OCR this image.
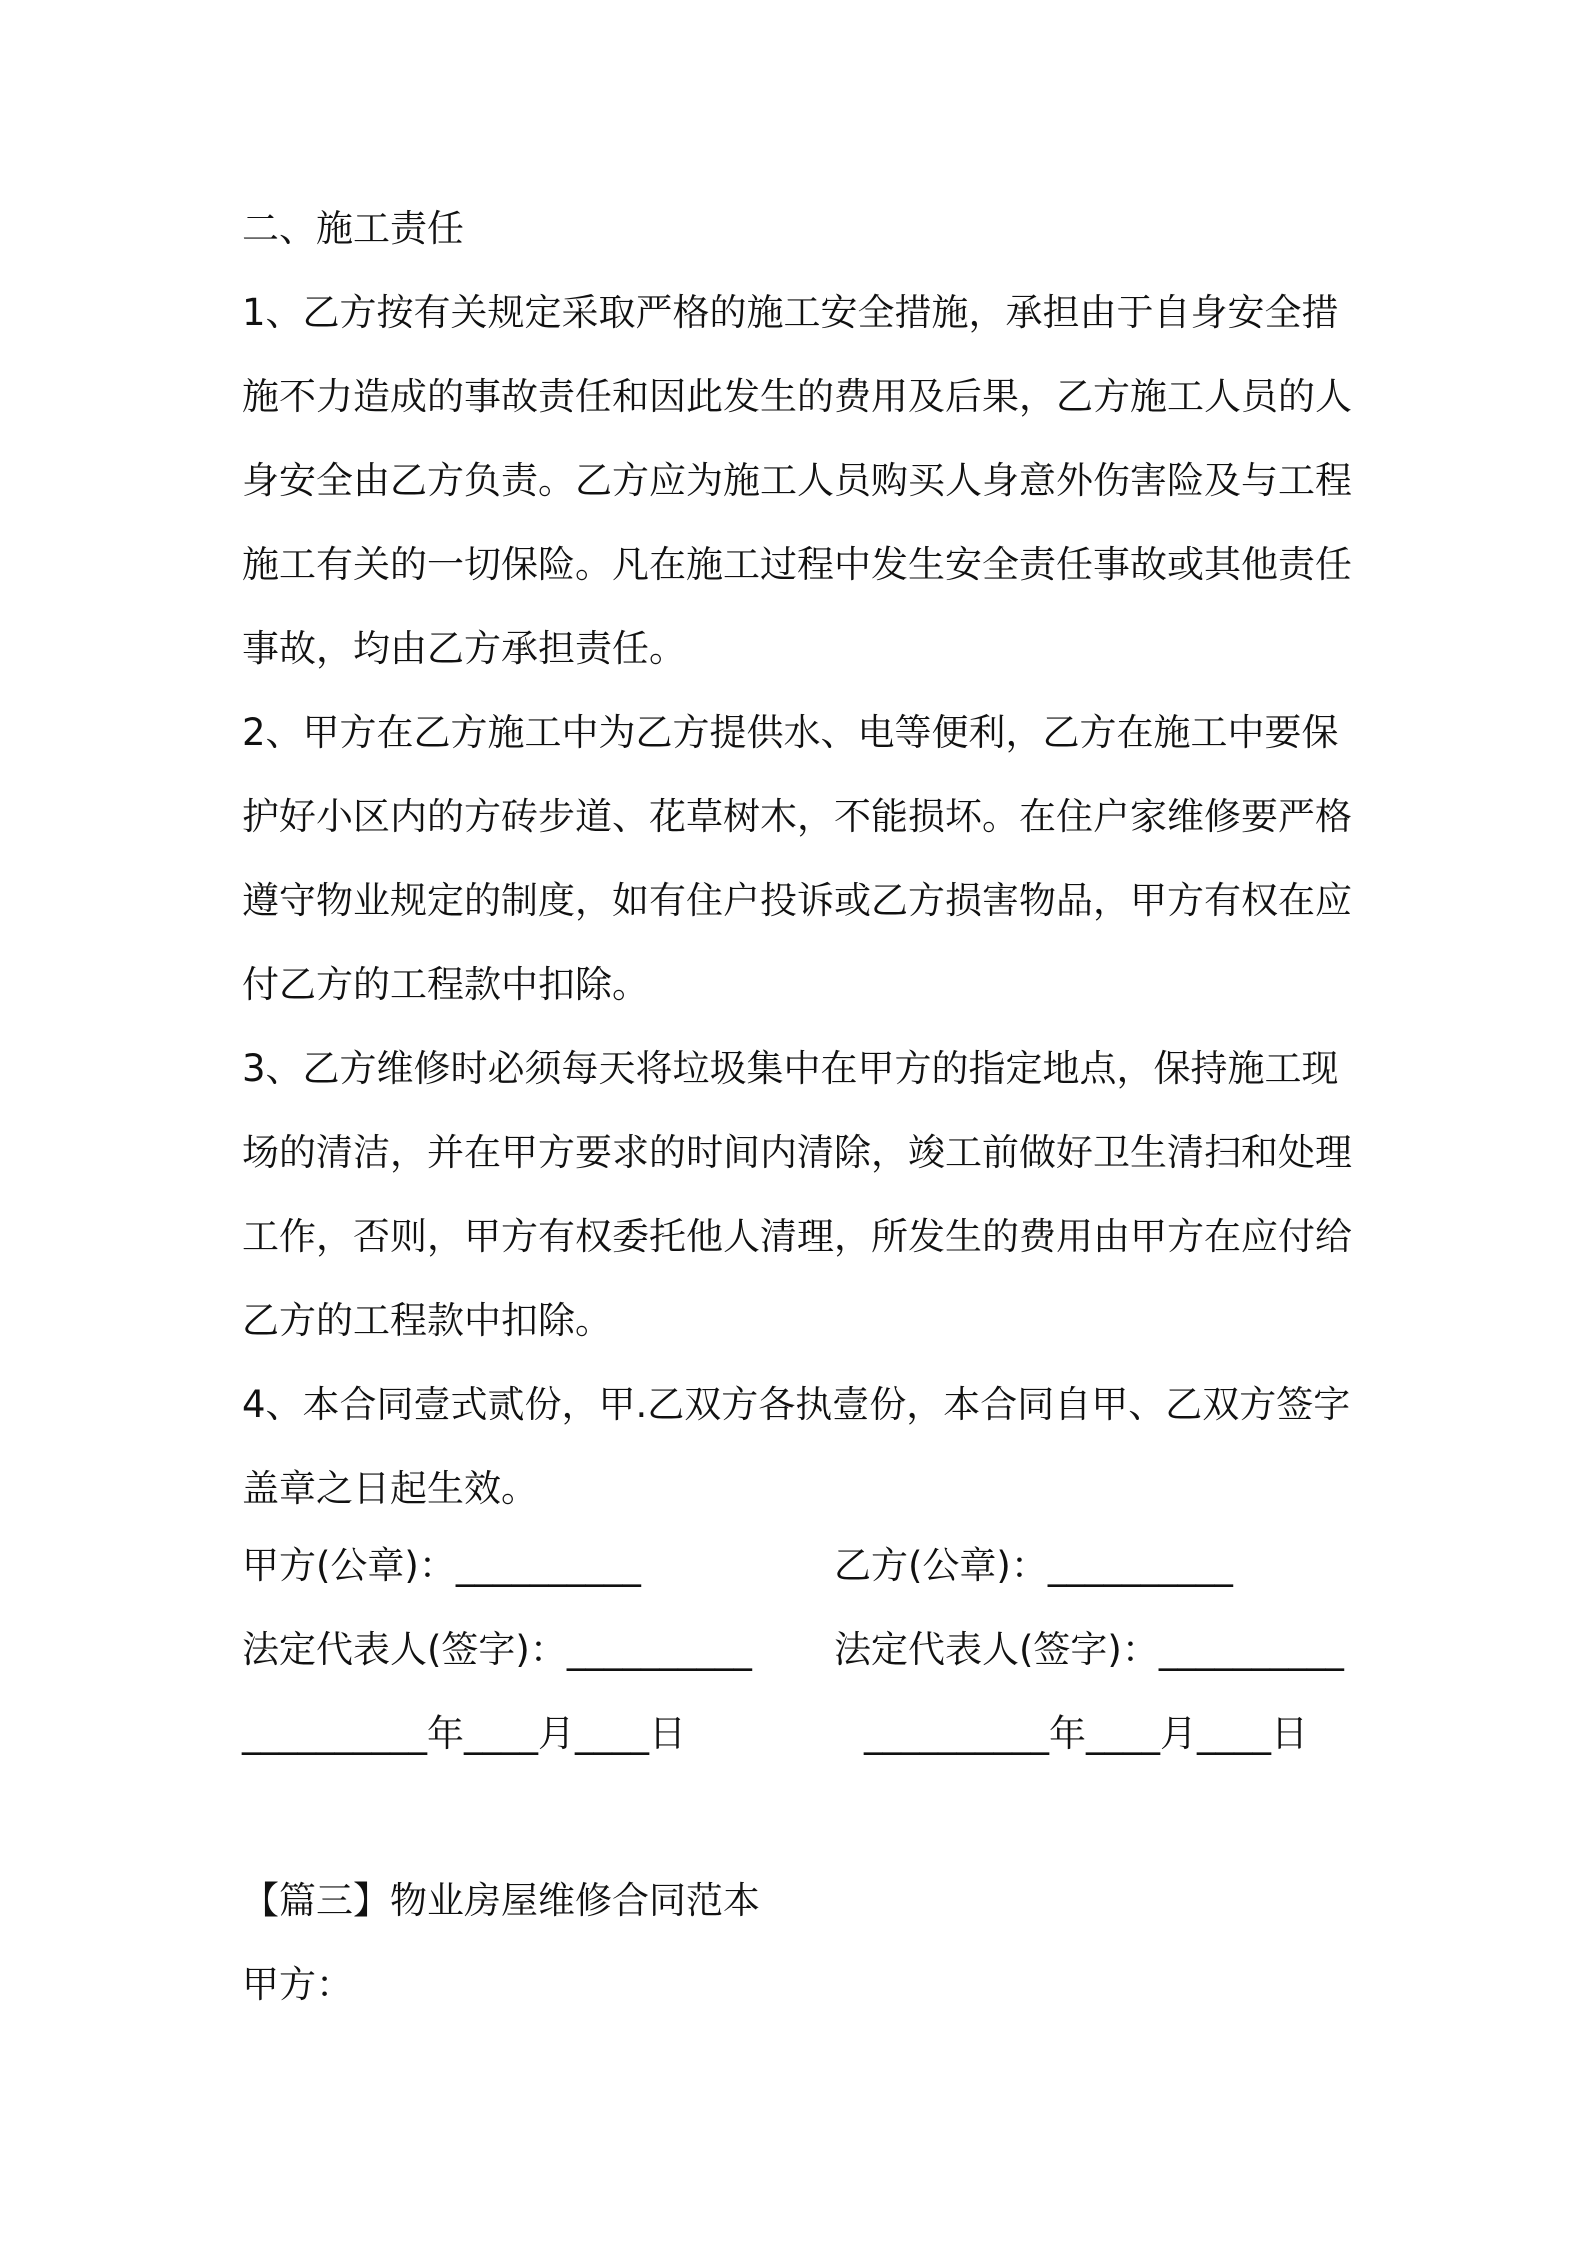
二、施工责任
1、乙方按有关规定采取严格的施工安全措施，承担由于自身安全措
施不力造成的事故责任和因此发生的费用及后果，乙方施工人员的人
身安全由乙方负责。乙方应为施工人员购买人身意外伤害险及与工程
施工有关的一切保险。凡在施工过程中发生安全责任事故或其他责任
事故，均由乙方承担责任。
2、甲方在乙方施工中为乙方提供水、电等便利，乙方在施工中要保
护好小区内的方砖步道、花草树木，不能损坏。在住户家维修要严格
遵守物业规定的制度，如有住户投诉或乙方损害物品，甲方有权在应
付乙方的工程款中扣除。
3、乙方维修时必须每天将垃圾集中在甲方的指定地点，保持施工现
场的清洁，并在甲方要求的时间内清除，竣工前做好卫生清扫和处理
工作，否则，甲方有权委托他人清理，所发生的费用由甲方在应付给
乙方的工程款中扣除。
4、本合同壹式贰份，甲.乙双方各执壹份，本合同自甲、乙双方签字
盖章之日起生效。
甲方(公章)：__________	乙方(公章)：__________
法定代表人(签字)：__________ 法定代表人(签字)：__________
__________年____月____日	__________年____月____日
【篇三】物业房屋维修合同范本
甲方：
